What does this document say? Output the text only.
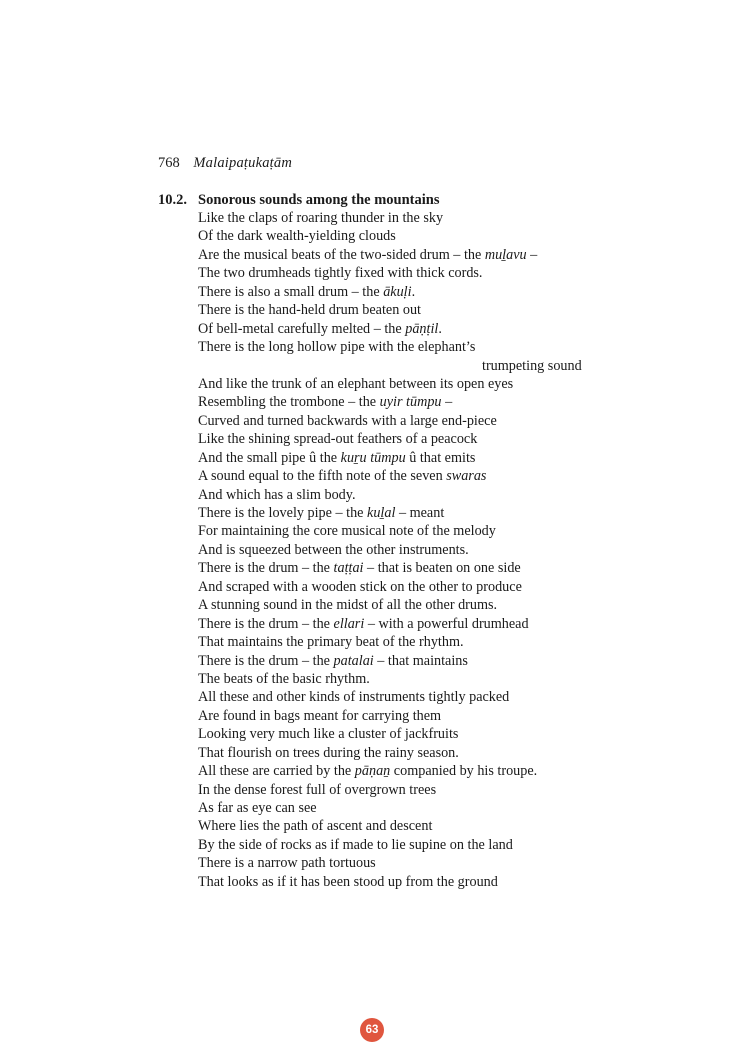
768 Malaipaṭukaṭām
10.2. Sonorous sounds among the mountains
Like the claps of roaring thunder in the sky
Of the dark wealth-yielding clouds
Are the musical beats of the two-sided drum – the muḻavu –
The two drumheads tightly fixed with thick cords.
There is also a small drum – the ākuḷi.
There is the hand-held drum beaten out
Of bell-metal carefully melted – the pāṇṭil.
There is the long hollow pipe with the elephant’s
trumpeting sound
And like the trunk of an elephant between its open eyes
Resembling the trombone – the uyir tūmpu –
Curved and turned backwards with a large end-piece
Like the shining spread-out feathers of a peacock
And the small pipe û the kuṟu tūmpu û that emits
A sound equal to the fifth note of the seven swaras
And which has a slim body.
There is the lovely pipe – the kuḻal – meant
For maintaining the core musical note of the melody
And is squeezed between the other instruments.
There is the drum – the taṭṭai – that is beaten on one side
And scraped with a wooden stick on the other to produce
A stunning sound in the midst of all the other drums.
There is the drum – the ellari – with a powerful drumhead
That maintains the primary beat of the rhythm.
There is the drum – the patalai – that maintains
The beats of the basic rhythm.
All these and other kinds of instruments tightly packed
Are found in bags meant for carrying them
Looking very much like a cluster of jackfruits
That flourish on trees during the rainy season.
All these are carried by the pāṇaṉ companied by his troupe.
In the dense forest full of overgrown trees
As far as eye can see
Where lies the path of ascent and descent
By the side of rocks as if made to lie supine on the land
There is a narrow path tortuous
That looks as if it has been stood up from the ground
63
